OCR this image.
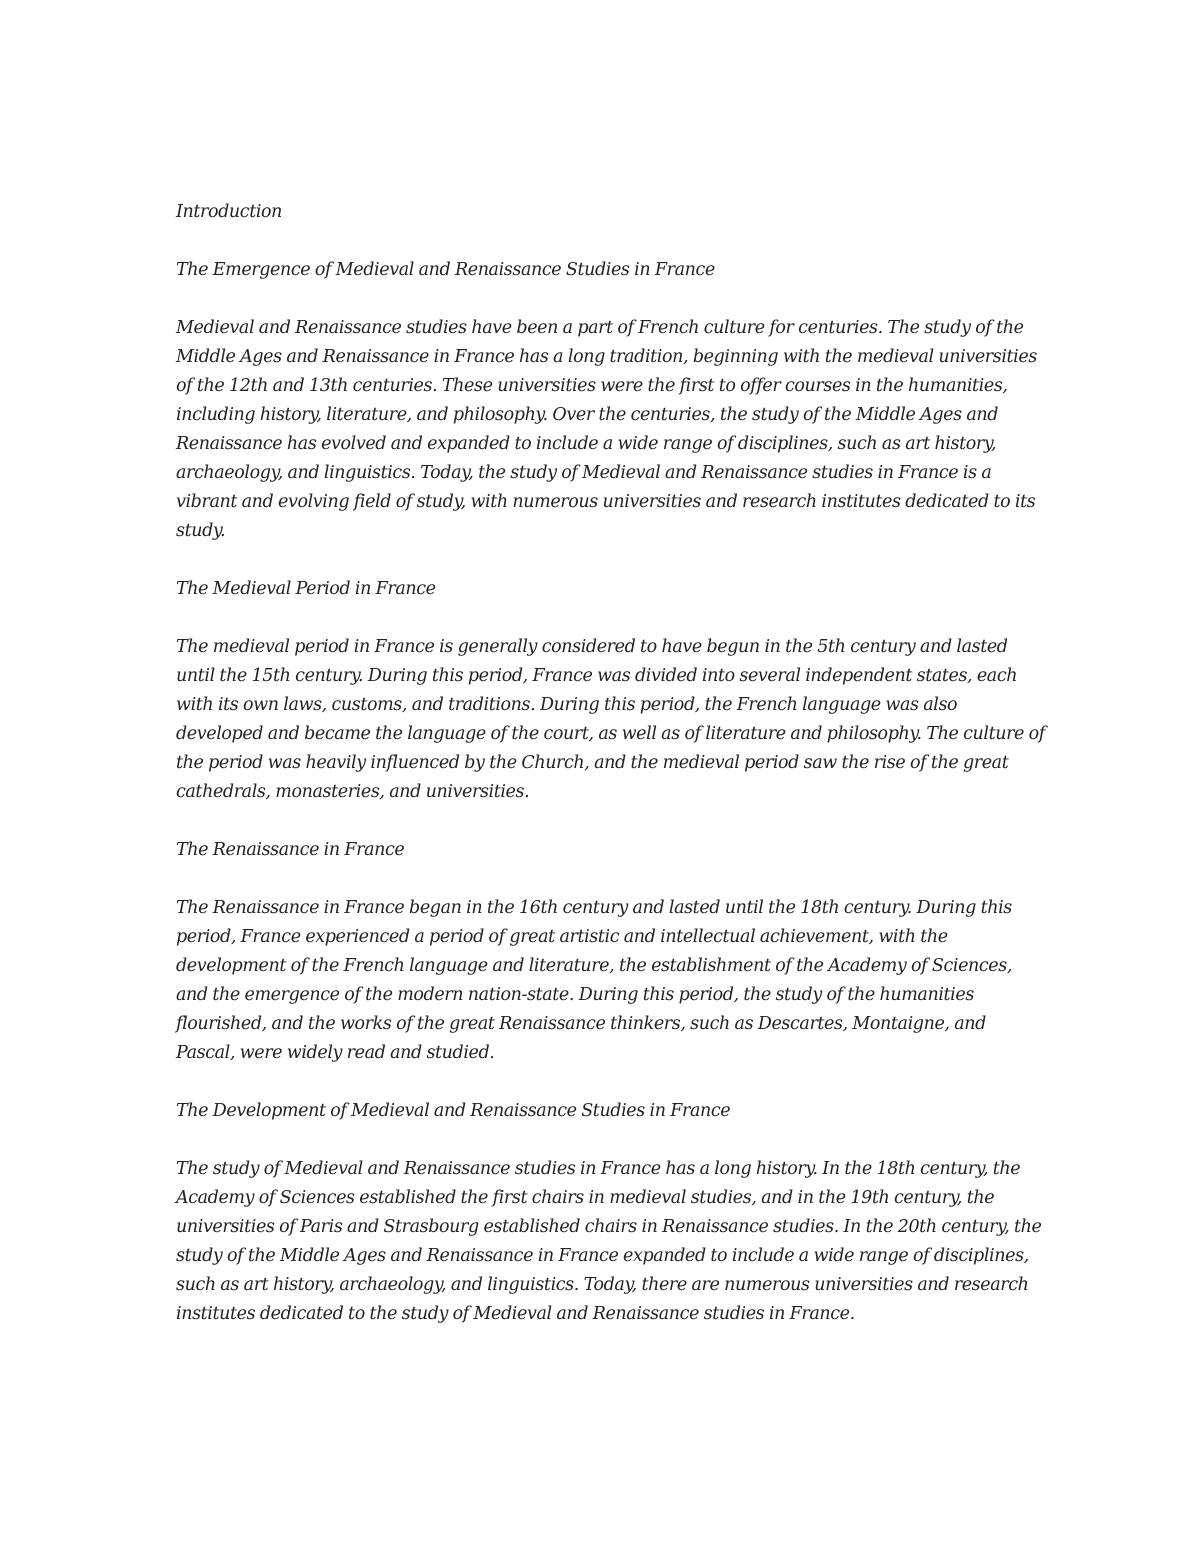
Introduction

The Emergence of Medieval and Renaissance Studies in France

Medieval and Renaissance studies have been a part of French culture for centuries. The study of the Middle Ages and Renaissance in France has a long tradition, beginning with the medieval universities of the 12th and 13th centuries. These universities were the first to offer courses in the humanities, including history, literature, and philosophy. Over the centuries, the study of the Middle Ages and Renaissance has evolved and expanded to include a wide range of disciplines, such as art history, archaeology, and linguistics. Today, the study of Medieval and Renaissance studies in France is a vibrant and evolving field of study, with numerous universities and research institutes dedicated to its study.

The Medieval Period in France

The medieval period in France is generally considered to have begun in the 5th century and lasted until the 15th century. During this period, France was divided into several independent states, each with its own laws, customs, and traditions. During this period, the French language was also developed and became the language of the court, as well as of literature and philosophy. The culture of the period was heavily influenced by the Church, and the medieval period saw the rise of the great cathedrals, monasteries, and universities.

The Renaissance in France

The Renaissance in France began in the 16th century and lasted until the 18th century. During this period, France experienced a period of great artistic and intellectual achievement, with the development of the French language and literature, the establishment of the Academy of Sciences, and the emergence of the modern nation-state. During this period, the study of the humanities flourished, and the works of the great Renaissance thinkers, such as Descartes, Montaigne, and Pascal, were widely read and studied.

The Development of Medieval and Renaissance Studies in France

The study of Medieval and Renaissance studies in France has a long history. In the 18th century, the Academy of Sciences established the first chairs in medieval studies, and in the 19th century, the universities of Paris and Strasbourg established chairs in Renaissance studies. In the 20th century, the study of the Middle Ages and Renaissance in France expanded to include a wide range of disciplines, such as art history, archaeology, and linguistics. Today, there are numerous universities and research institutes dedicated to the study of Medieval and Renaissance studies in France.
